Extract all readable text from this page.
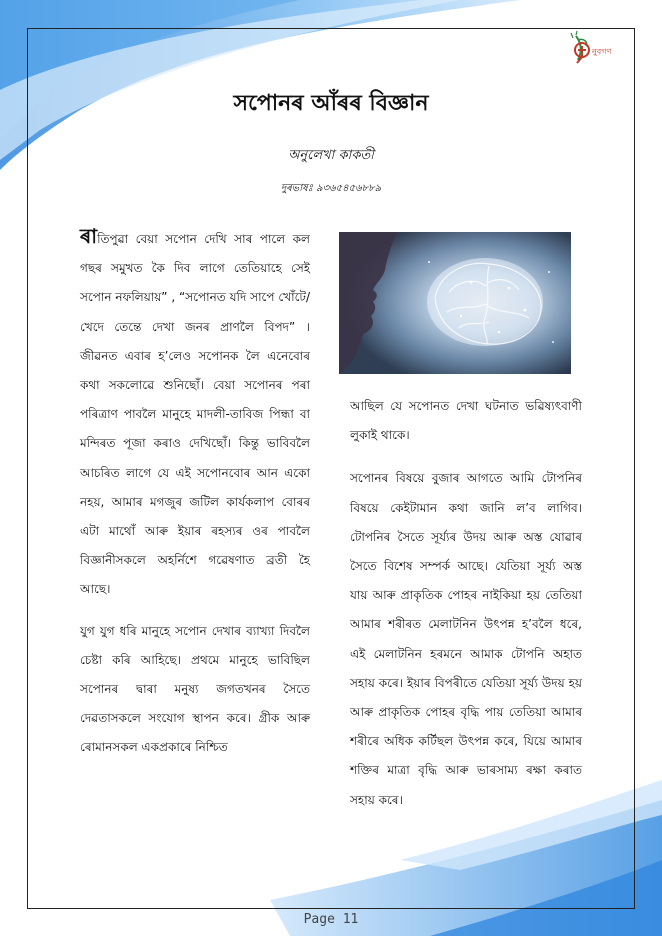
নুবগণ
সপোনৰ আঁৰৰ বিজ্ঞান
অনুলেখা কাকতী
দুৰভাষঃ ৯৩৬৫৪৫৬৮৮৯

ৰাতিপুৱা বেয়া সপোন দেখি সাৰ পালে কল গছৰ সমুখত কৈ দিব লাগে তেতিয়াহে সেই সপোন নফলিয়ায়” , “সপোনত যদি সাপে খোঁটে/খেদে তেন্তে দেখা জনৰ প্ৰাণলৈ বিপদ” । জীৱনত এবাৰ হ’লেও সপোনক লৈ এনেবোৰ কথা সকলোৱে শুনিছোঁ। বেয়া সপোনৰ পৰা পৰিত্ৰাণ পাবলৈ মানুহে মাদলী-তাবিজ পিন্ধা বা মন্দিৰত পূজা কৰাও দেখিছোঁ। কিন্তু ভাবিবলৈ আচৰিত লাগে যে এই সপোনবোৰ আন একো নহয়, আমাৰ মগজুৰ জটিল কাৰ্যকলাপ বোৰৰ এটা মাথোঁ আৰু ইয়াৰ ৰহস্যৰ ওৰ পাবলৈ বিজ্ঞানীসকলে অহৰ্নিশে গৱেষণাত ব্ৰতী হৈ আছে।

যুগ যুগ ধৰি মানুহে সপোন দেখাৰ ব্যাখ্যা দিবলৈ চেষ্টা কৰি আহিছে। প্ৰথমে মানুহে ভাবিছিল সপোনৰ দ্বাৰা মনুষ্য জগতখনৰ সৈতে দেৱতাসকলে সংযোগ স্থাপন কৰে। গ্ৰীক আৰু ৰোমানসকল একপ্ৰকাৰে নিশ্চিত

আছিল যে সপোনত দেখা ঘটনাত ভৱিষ্যৎবাণী লুকাই থাকে।

সপোনৰ বিষয়ে বুজাৰ আগতে আমি টোপনিৰ বিষয়ে কেইটামান কথা জানি ল’ব লাগিব। টোপনিৰ সৈতে সূৰ্য্যৰ উদয় আৰু অস্ত যোৱাৰ সৈতে বিশেষ সম্পৰ্ক আছে। যেতিয়া সূৰ্য্য অস্ত যায় আৰু প্ৰাকৃতিক পোহৰ নাইকিয়া হয় তেতিয়া আমাৰ শৰীৰত মেলাটনিন উৎপন্ন হ’বলৈ ধৰে, এই মেলাটনিন হৰমনে আমাক টোপনি অহাত সহায় কৰে। ইয়াৰ বিপৰীতে যেতিয়া সূৰ্য্য উদয় হয় আৰু প্ৰাকৃতিক পোহৰ বৃদ্ধি পায় তেতিয়া আমাৰ শৰীৰে অধিক কৰ্টিছল উৎপন্ন কৰে, যিয়ে আমাৰ শক্তিৰ মাত্ৰা বৃদ্ধি আৰু ভাৰসাম্য ৰক্ষা কৰাত সহায় কৰে।

Page 11
